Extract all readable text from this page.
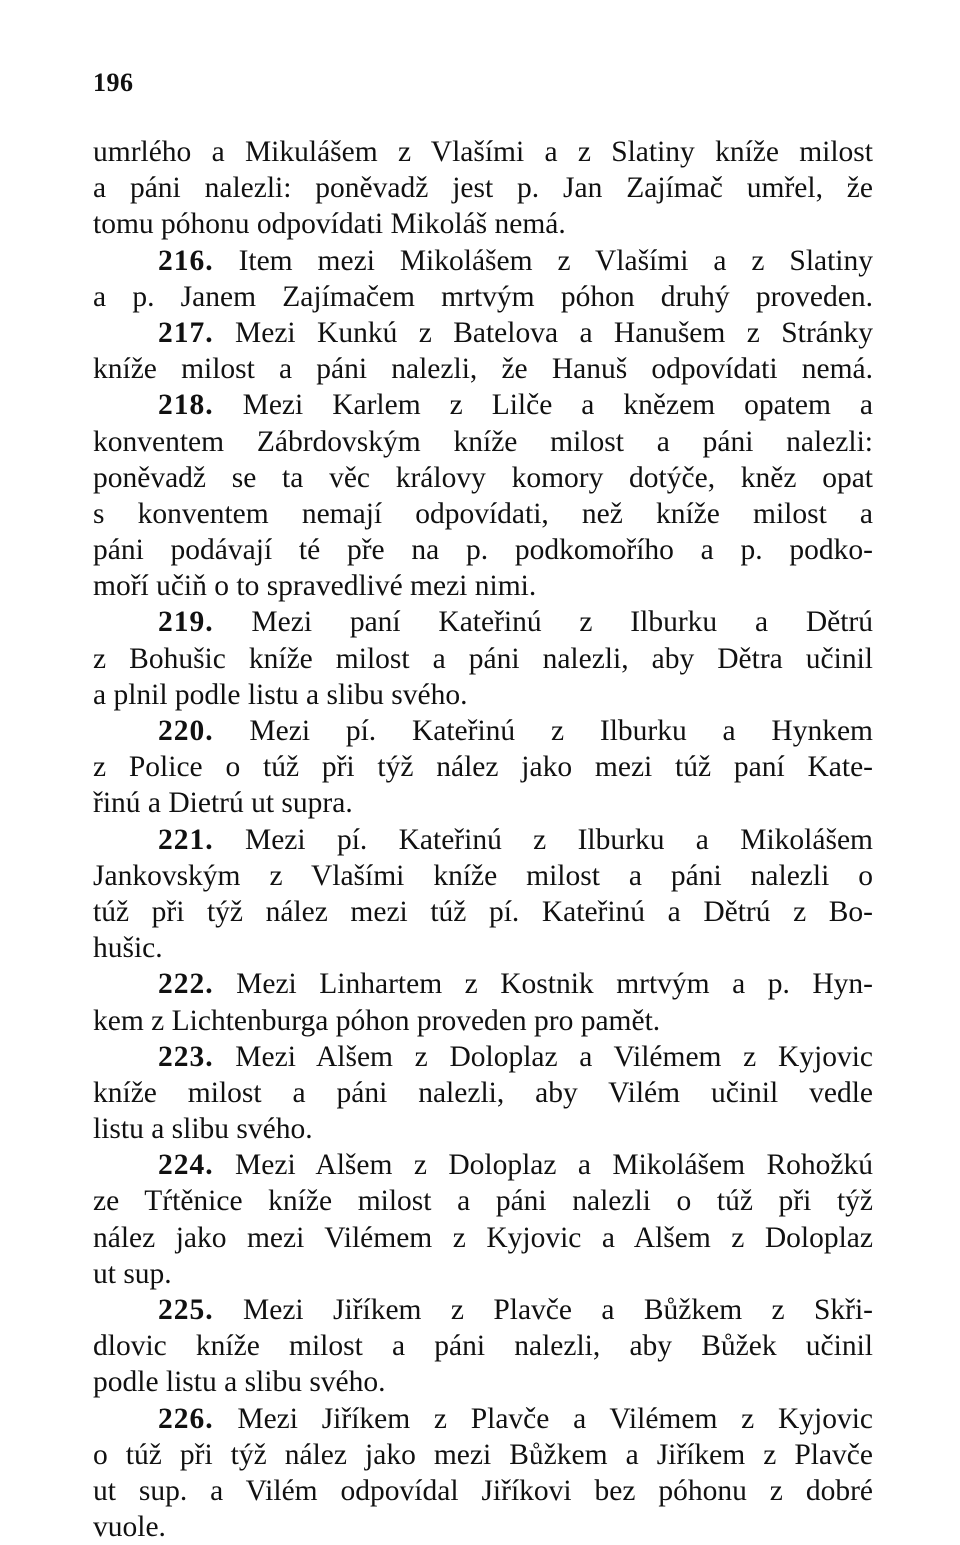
196
umrlého a Mikulášem z Vlašími a z Slatiny kníže milost
a páni nalezli: poněvadž jest p. Jan Zajímač umřel, že
tomu póhonu odpovídati Mikoláš nemá.
216. Item mezi Mikolášem z Vlašími a z Slatiny
a p. Janem Zajímačem mrtvým póhon druhý proveden.
217. Mezi Kunkú z Batelova a Hanušem z Stránky
kníže milost a páni nalezli, že Hanuš odpovídati nemá.
218. Mezi Karlem z Lilče a knězem opatem a
konventem Zábrdovským kníže milost a páni nalezli:
poněvadž se ta věc královy komory dotýče, kněz opat
s konventem nemají odpovídati, než kníže milost a
páni podávají té pře na p. podkomořího a p. podko-
moří učiň o to spravedlivé mezi nimi.
219. Mezi paní Kateřinú z Ilburku a Dětrú
z Bohušic kníže milost a páni nalezli, aby Dětra učinil
a plnil podle listu a slibu svého.
220. Mezi pí. Kateřinú z Ilburku a Hynkem
z Police o túž při týž nález jako mezi túž paní Kate-
řinú a Dietrú ut supra.
221. Mezi pí. Kateřinú z Ilburku a Mikolášem
Jankovským z Vlašími kníže milost a páni nalezli o
túž při týž nález mezi túž pí. Kateřinú a Dětrú z Bo-
hušic.
222. Mezi Linhartem z Kostnik mrtvým a p. Hyn-
kem z Lichtenburga póhon proveden pro pamět.
223. Mezi Alšem z Doloplaz a Vilémem z Kyjovic
kníže milost a páni nalezli, aby Vilém učinil vedle
listu a slibu svého.
224. Mezi Alšem z Doloplaz a Mikolášem Rohožkú
ze Tŕtěnice kníže milost a páni nalezli o túž při týž
nález jako mezi Vilémem z Kyjovic a Alšem z Doloplaz
ut sup.
225. Mezi Jiříkem z Plavče a Bůžkem z Skři-
dlovic kníže milost a páni nalezli, aby Bůžek učinil
podle listu a slibu svého.
226. Mezi Jiříkem z Plavče a Vilémem z Kyjovic
o túž při týž nález jako mezi Bůžkem a Jiříkem z Plavče
ut sup. a Vilém odpovídal Jiříkovi bez póhonu z dobré
vuole.
